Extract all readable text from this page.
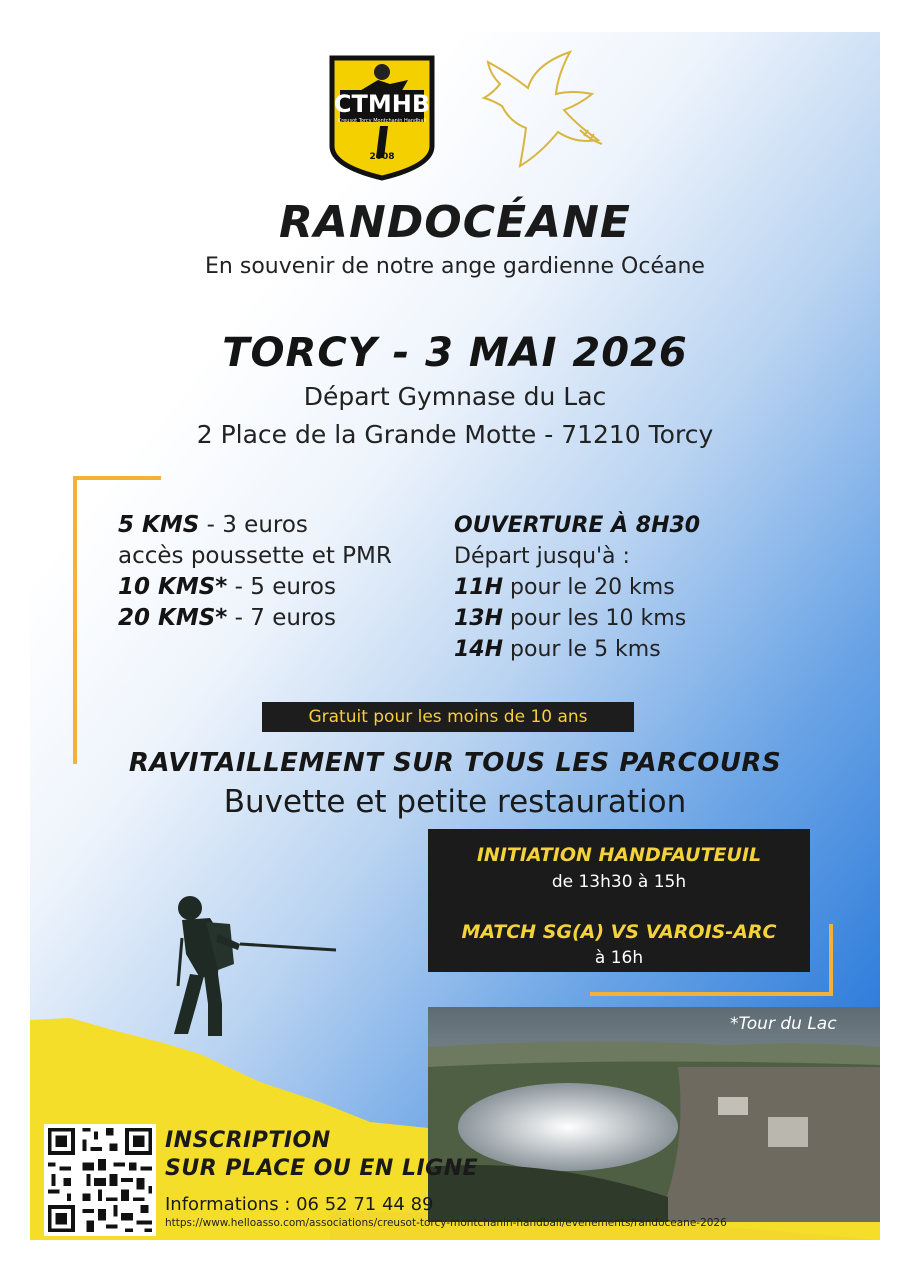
CTMHB
Creusot Torcy Montchanin Handball
2008
RANDOCÉANE
En souvenir de notre ange gardienne Océane
TORCY - 3 MAI 2026
Départ Gymnase du Lac
2 Place de la Grande Motte - 71210 Torcy
5 KMS - 3 euros
accès poussette et PMR
10 KMS* - 5 euros
20 KMS* - 7 euros
OUVERTURE À 8H30
Départ jusqu'à :
11H pour le 20 kms
13H pour les 10 kms
14H pour le 5 kms
Gratuit pour les moins de 10 ans
RAVITAILLEMENT SUR TOUS LES PARCOURS
Buvette et petite restauration
*Tour du Lac
INITIATION HANDFAUTEUIL
de 13h30 à 15h
MATCH SG(A) VS VAROIS-ARC
à 16h
INSCRIPTION
SUR PLACE OU EN LIGNE
Informations : 06 52 71 44 89
https://www.helloasso.com/associations/creusot-torcy-montchanin-handball/evenements/randoceane-2026
